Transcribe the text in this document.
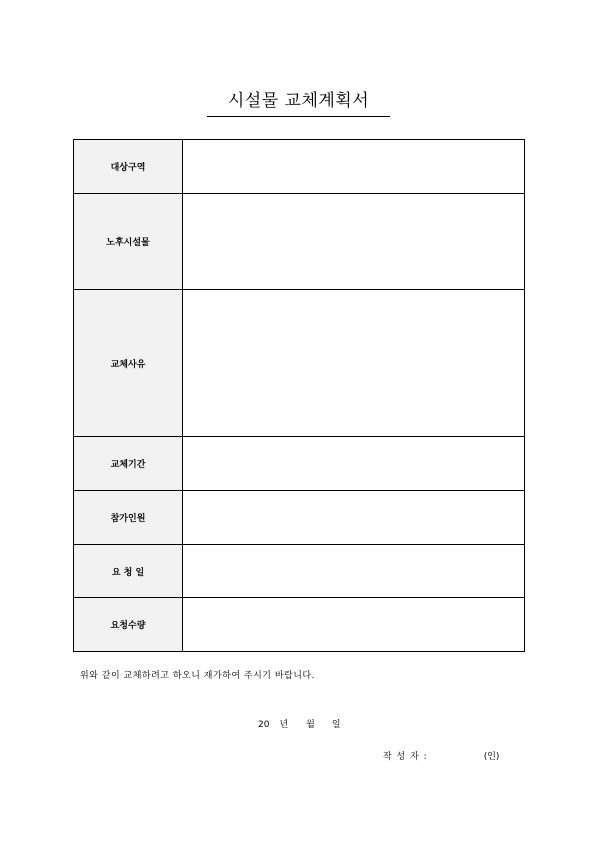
시설물 교체계획서
대상구역	
노후시설물	
교체사유	
교체기간	
참가인원	
요 청 일	
요청수량	
위와 같이 교체하려고 하오니 재가하여 주시기 바랍니다.
20 년 월 일
작 성 자 :	(인)
